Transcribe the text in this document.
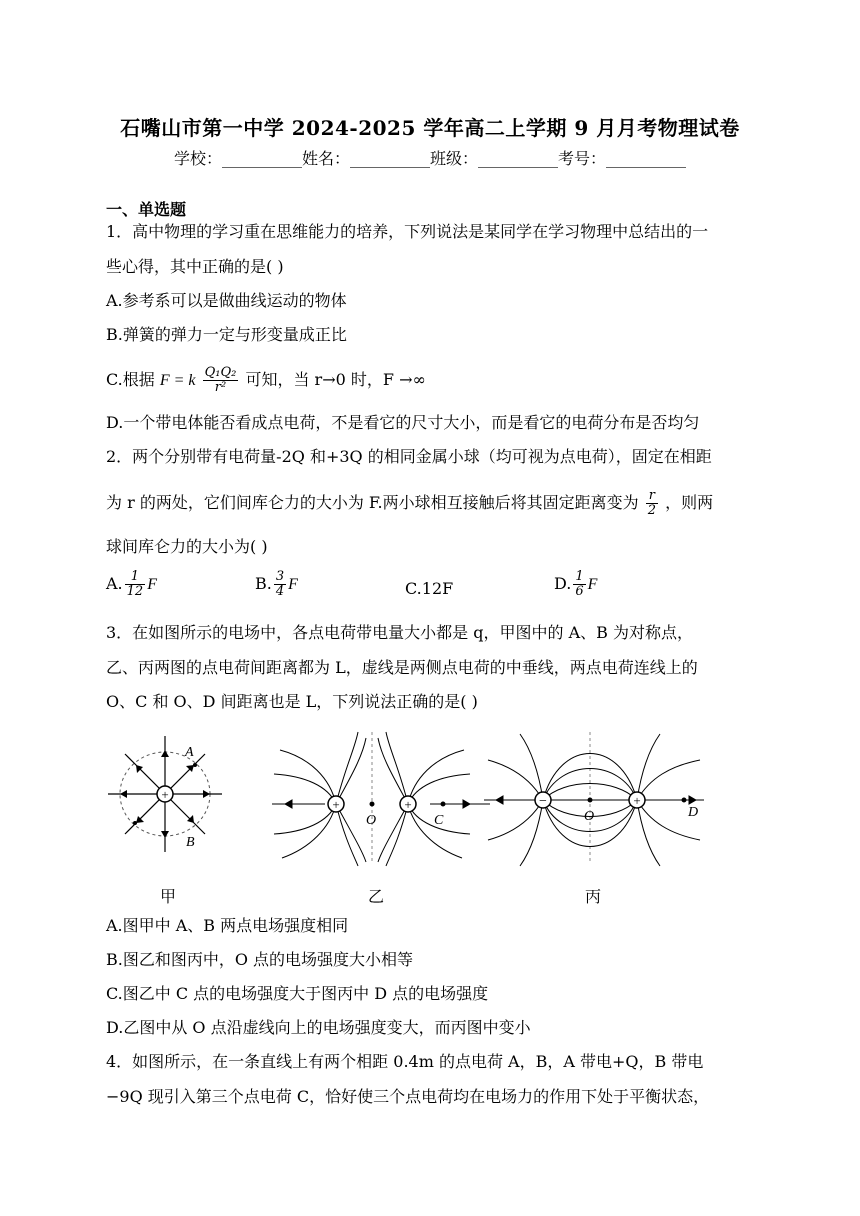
石嘴山市第一中学 2024-2025 学年高二上学期 9 月月考物理试卷
学校：__________姓名：__________班级：__________考号：__________
一、单选题
1．高中物理的学习重在思维能力的培养，下列说法是某同学在学习物理中总结出的一
些心得，其中正确的是( )
A.参考系可以是做曲线运动的物体
B.弹簧的弹力一定与形变量成正比
C.根据 F = k $\frac{\text{Q₁Q₂}}{\text{r²}}$ 可知，当 r→0 时，F →∞
D.一个带电体能否看成点电荷，不是看它的尺寸大小，而是看它的电荷分布是否均匀
2．两个分别带有电荷量-2Q 和+3Q 的相同金属小球（均可视为点电荷），固定在相距
为 r 的两处，它们间库仑力的大小为 F.两小球相互接触后将其固定距离变为 $\frac{r}{2}$ ，则两
球间库仑力的大小为( )
A. $\frac{1}{12}$ F	B. $\frac{3}{4}$ F	C.12F	D. $\frac{1}{6}$ F
3．在如图所示的电场中，各点电荷带电量大小都是 q，甲图中的 A、B 为对称点，
乙、丙两图的点电荷间距离都为 L，虚线是两侧点电荷的中垂线，两点电荷连线上的
O、C 和 O、D 间距离也是 L，下列说法正确的是( )
+
A
B
+	+
O	C
−	+
O	D
甲	乙	丙
A.图甲中 A、B 两点电场强度相同
B.图乙和图丙中，O 点的电场强度大小相等
C.图乙中 C 点的电场强度大于图丙中 D 点的电场强度
D.乙图中从 O 点沿虚线向上的电场强度变大，而丙图中变小
4．如图所示，在一条直线上有两个相距 0.4m 的点电荷 A，B，A 带电+Q，B 带电
−9Q 现引入第三个点电荷 C，恰好使三个点电荷均在电场力的作用下处于平衡状态，
